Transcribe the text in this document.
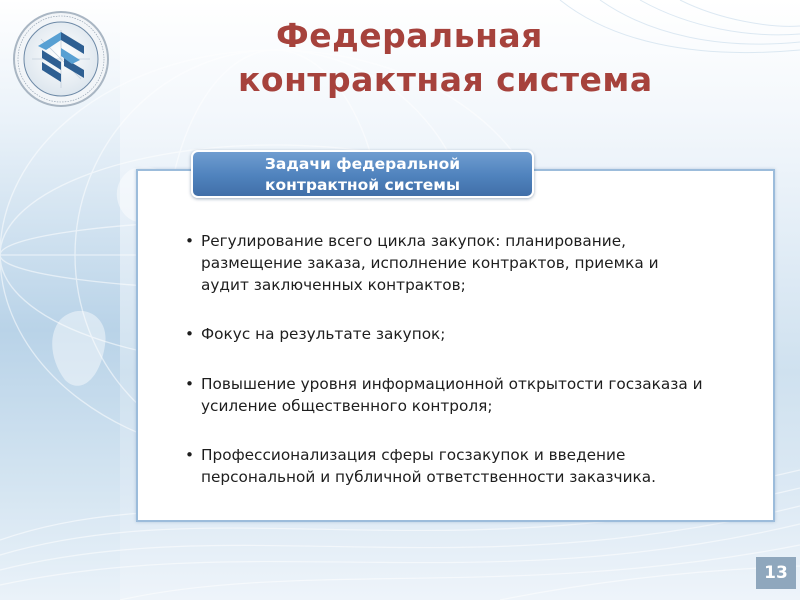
Федеральная
контрактная система
Задачи федеральной
контрактной системы
• Регулирование всего цикла закупок: планирование,
размещение заказа, исполнение контрактов, приемка и
аудит заключенных контрактов;
• Фокус на результате закупок;
• Повышение уровня информационной открытости госзаказа и
усиление общественного контроля;
• Профессионализация сферы госзакупок и введение
персональной и публичной ответственности заказчика.
13
